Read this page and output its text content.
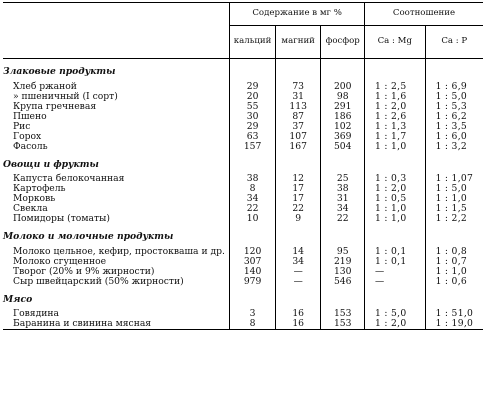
	Содержание в мг %			Соотношение	
	кальций	магний	фосфор	Ca : Mg	Ca : P
Злаковые продукты					
Хлеб ржаной	29	73	200	1 : 2,5	1 : 6,9
» пшеничный (I сорт)	20	31	98	1 : 1,6	1 : 5,0
Крупа гречневая	55	113	291	1 : 2,0	1 : 5,3
Пшено	30	87	186	1 : 2,6	1 : 6,2
Рис	29	37	102	1 : 1,3	1 : 3,5
Горох	63	107	369	1 : 1,7	1 : 6,0
Фасоль	157	167	504	1 : 1,0	1 : 3,2
Овощи и фрукты					
Капуста белокочанная	38	12	25	1 : 0,3	1 : 1,07
Картофель	8	17	38	1 : 2,0	1 : 5,0
Морковь	34	17	31	1 : 0,5	1 : 1,0
Свекла	22	22	34	1 : 1,0	1 : 1,5
Помидоры (томаты)	10	9	22	1 : 1,0	1 : 2,2
Молоко и молочные продукты					
Молоко цельное, кефир, простокваша и др.	120	14	95	1 : 0,1	1 : 0,8
Молоко сгущенное	307	34	219	1 : 0,1	1 : 0,7
Творог (20% и 9% жирности)	140	—	130	—	1 : 1,0
Сыр швейцарский (50% жирности)	979	—	546	—	1 : 0,6
Мясо					
Говядина	3	16	153	1 : 5,0	1 : 51,0
Баранина и свинина мясная	8	16	153	1 : 2,0	1 : 19,0
